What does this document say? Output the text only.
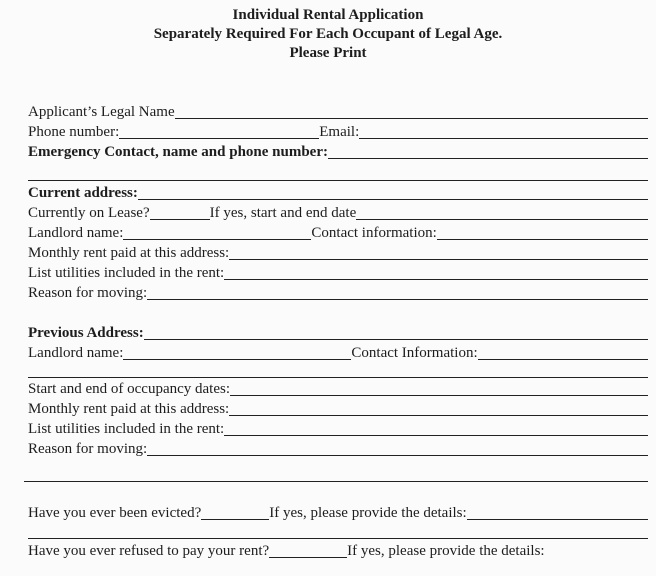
Individual Rental Application
Separately Required For Each Occupant of Legal Age.
Please Print
Applicant’s Legal Name
Phone number:	Email:
Emergency Contact, name and phone number:
Current address:
Currently on Lease?	If yes, start and end date
Landlord name:	Contact information:
Monthly rent paid at this address:
List utilities included in the rent:
Reason for moving:
Previous Address:
Landlord name:	Contact Information:
Start and end of occupancy dates:
Monthly rent paid at this address:
List utilities included in the rent:
Reason for moving:
Have you ever been evicted?	If yes, please provide the details:
Have you ever refused to pay your rent?	If yes, please provide the details:
